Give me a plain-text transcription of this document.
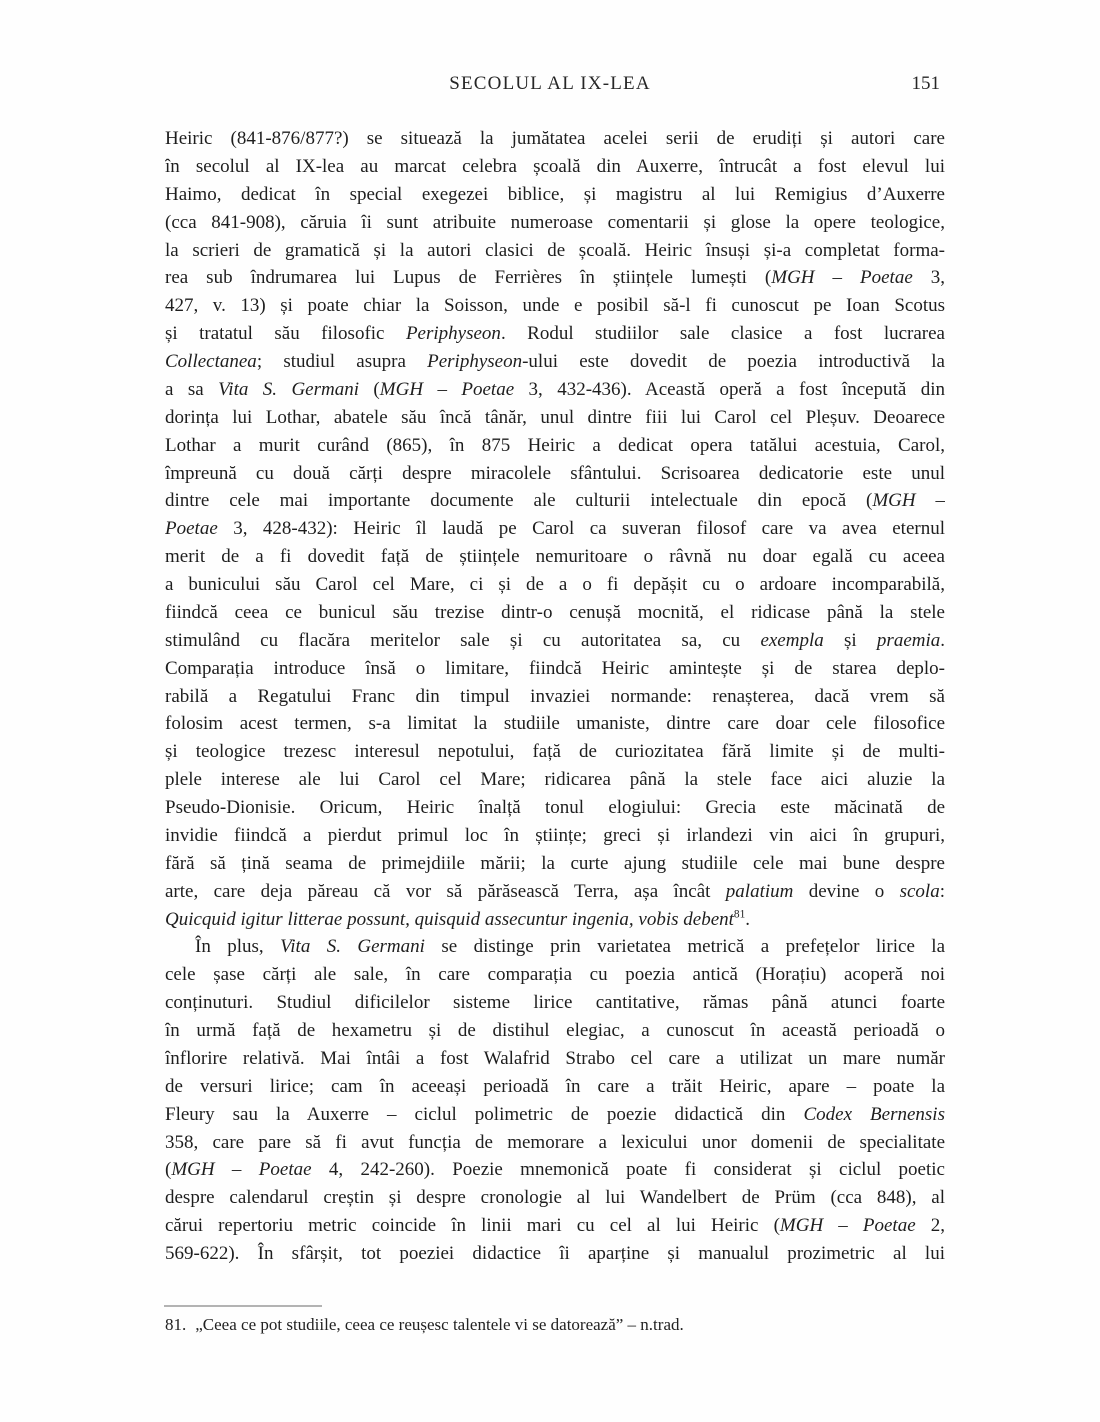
SECOLUL AL IX-LEA	151
Heiric (841-876/877?) se situează la jumătatea acelei serii de erudiți și autori care
în secolul al IX-lea au marcat celebra școală din Auxerre, întrucât a fost elevul lui
Haimo, dedicat în special exegezei biblice, și magistru al lui Remigius d’Auxerre
(cca 841-908), căruia îi sunt atribuite numeroase comentarii și glose la opere teologice,
la scrieri de gramatică și la autori clasici de școală. Heiric însuși și-a completat forma-
rea sub îndrumarea lui Lupus de Ferrières în științele lumești (MGH – Poetae 3,
427, v. 13) și poate chiar la Soisson, unde e posibil să-l fi cunoscut pe Ioan Scotus
și tratatul său filosofic Periphyseon. Rodul studiilor sale clasice a fost lucrarea
Collectanea; studiul asupra Periphyseon-ului este dovedit de poezia introductivă la
a sa Vita S. Germani (MGH – Poetae 3, 432-436). Această operă a fost începută din
dorința lui Lothar, abatele său încă tânăr, unul dintre fiii lui Carol cel Pleșuv. Deoarece
Lothar a murit curând (865), în 875 Heiric a dedicat opera tatălui acestuia, Carol,
împreună cu două cărți despre miracolele sfântului. Scrisoarea dedicatorie este unul
dintre cele mai importante documente ale culturii intelectuale din epocă (MGH –
Poetae 3, 428-432): Heiric îl laudă pe Carol ca suveran filosof care va avea eternul
merit de a fi dovedit față de științele nemuritoare o râvnă nu doar egală cu aceea
a bunicului său Carol cel Mare, ci și de a o fi depășit cu o ardoare incomparabilă,
fiindcă ceea ce bunicul său trezise dintr-o cenușă mocnită, el ridicase până la stele
stimulând cu flacăra meritelor sale și cu autoritatea sa, cu exempla și praemia.
Comparația introduce însă o limitare, fiindcă Heiric amintește și de starea deplo-
rabilă a Regatului Franc din timpul invaziei normande: renașterea, dacă vrem să
folosim acest termen, s-a limitat la studiile umaniste, dintre care doar cele filosofice
și teologice trezesc interesul nepotului, față de curiozitatea fără limite și de multi-
plele interese ale lui Carol cel Mare; ridicarea până la stele face aici aluzie la
Pseudo-Dionisie. Oricum, Heiric înalță tonul elogiului: Grecia este măcinată de
invidie fiindcă a pierdut primul loc în științe; greci și irlandezi vin aici în grupuri,
fără să țină seama de primejdiile mării; la curte ajung studiile cele mai bune despre
arte, care deja păreau că vor să părăsească Terra, așa încât palatium devine o scola:
Quicquid igitur litterae possunt, quisquid assecuntur ingenia, vobis debent$^{81}$.
În plus, Vita S. Germani se distinge prin varietatea metrică a prefețelor lirice la
cele șase cărți ale sale, în care comparația cu poezia antică (Horațiu) acoperă noi
conținuturi. Studiul dificilelor sisteme lirice cantitative, rămas până atunci foarte
în urmă față de hexametru și de distihul elegiac, a cunoscut în această perioadă o
înflorire relativă. Mai întâi a fost Walafrid Strabo cel care a utilizat un mare număr
de versuri lirice; cam în aceeași perioadă în care a trăit Heiric, apare – poate la
Fleury sau la Auxerre – ciclul polimetric de poezie didactică din Codex Bernensis
358, care pare să fi avut funcția de memorare a lexicului unor domenii de specialitate
(MGH – Poetae 4, 242-260). Poezie mnemonică poate fi considerat și ciclul poetic
despre calendarul creștin și despre cronologie al lui Wandelbert de Prüm (cca 848), al
cărui repertoriu metric coincide în linii mari cu cel al lui Heiric (MGH – Poetae 2,
569-622). În sfârșit, tot poeziei didactice îi aparține și manualul prozimetric al lui
81. „Ceea ce pot studiile, ceea ce reușesc talentele vi se datorează” – n.trad.
